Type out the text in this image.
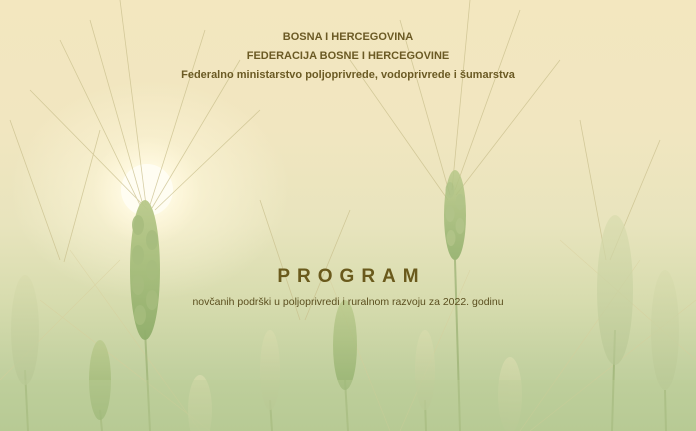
BOSNA I HERCEGOVINA
FEDERACIJA BOSNE I HERCEGOVINE
Federalno ministarstvo poljoprivrede, vodoprivrede i šumarstva
PROGRAM
novčanih podrški u poljoprivredi i ruralnom razvoju za 2022. godinu
